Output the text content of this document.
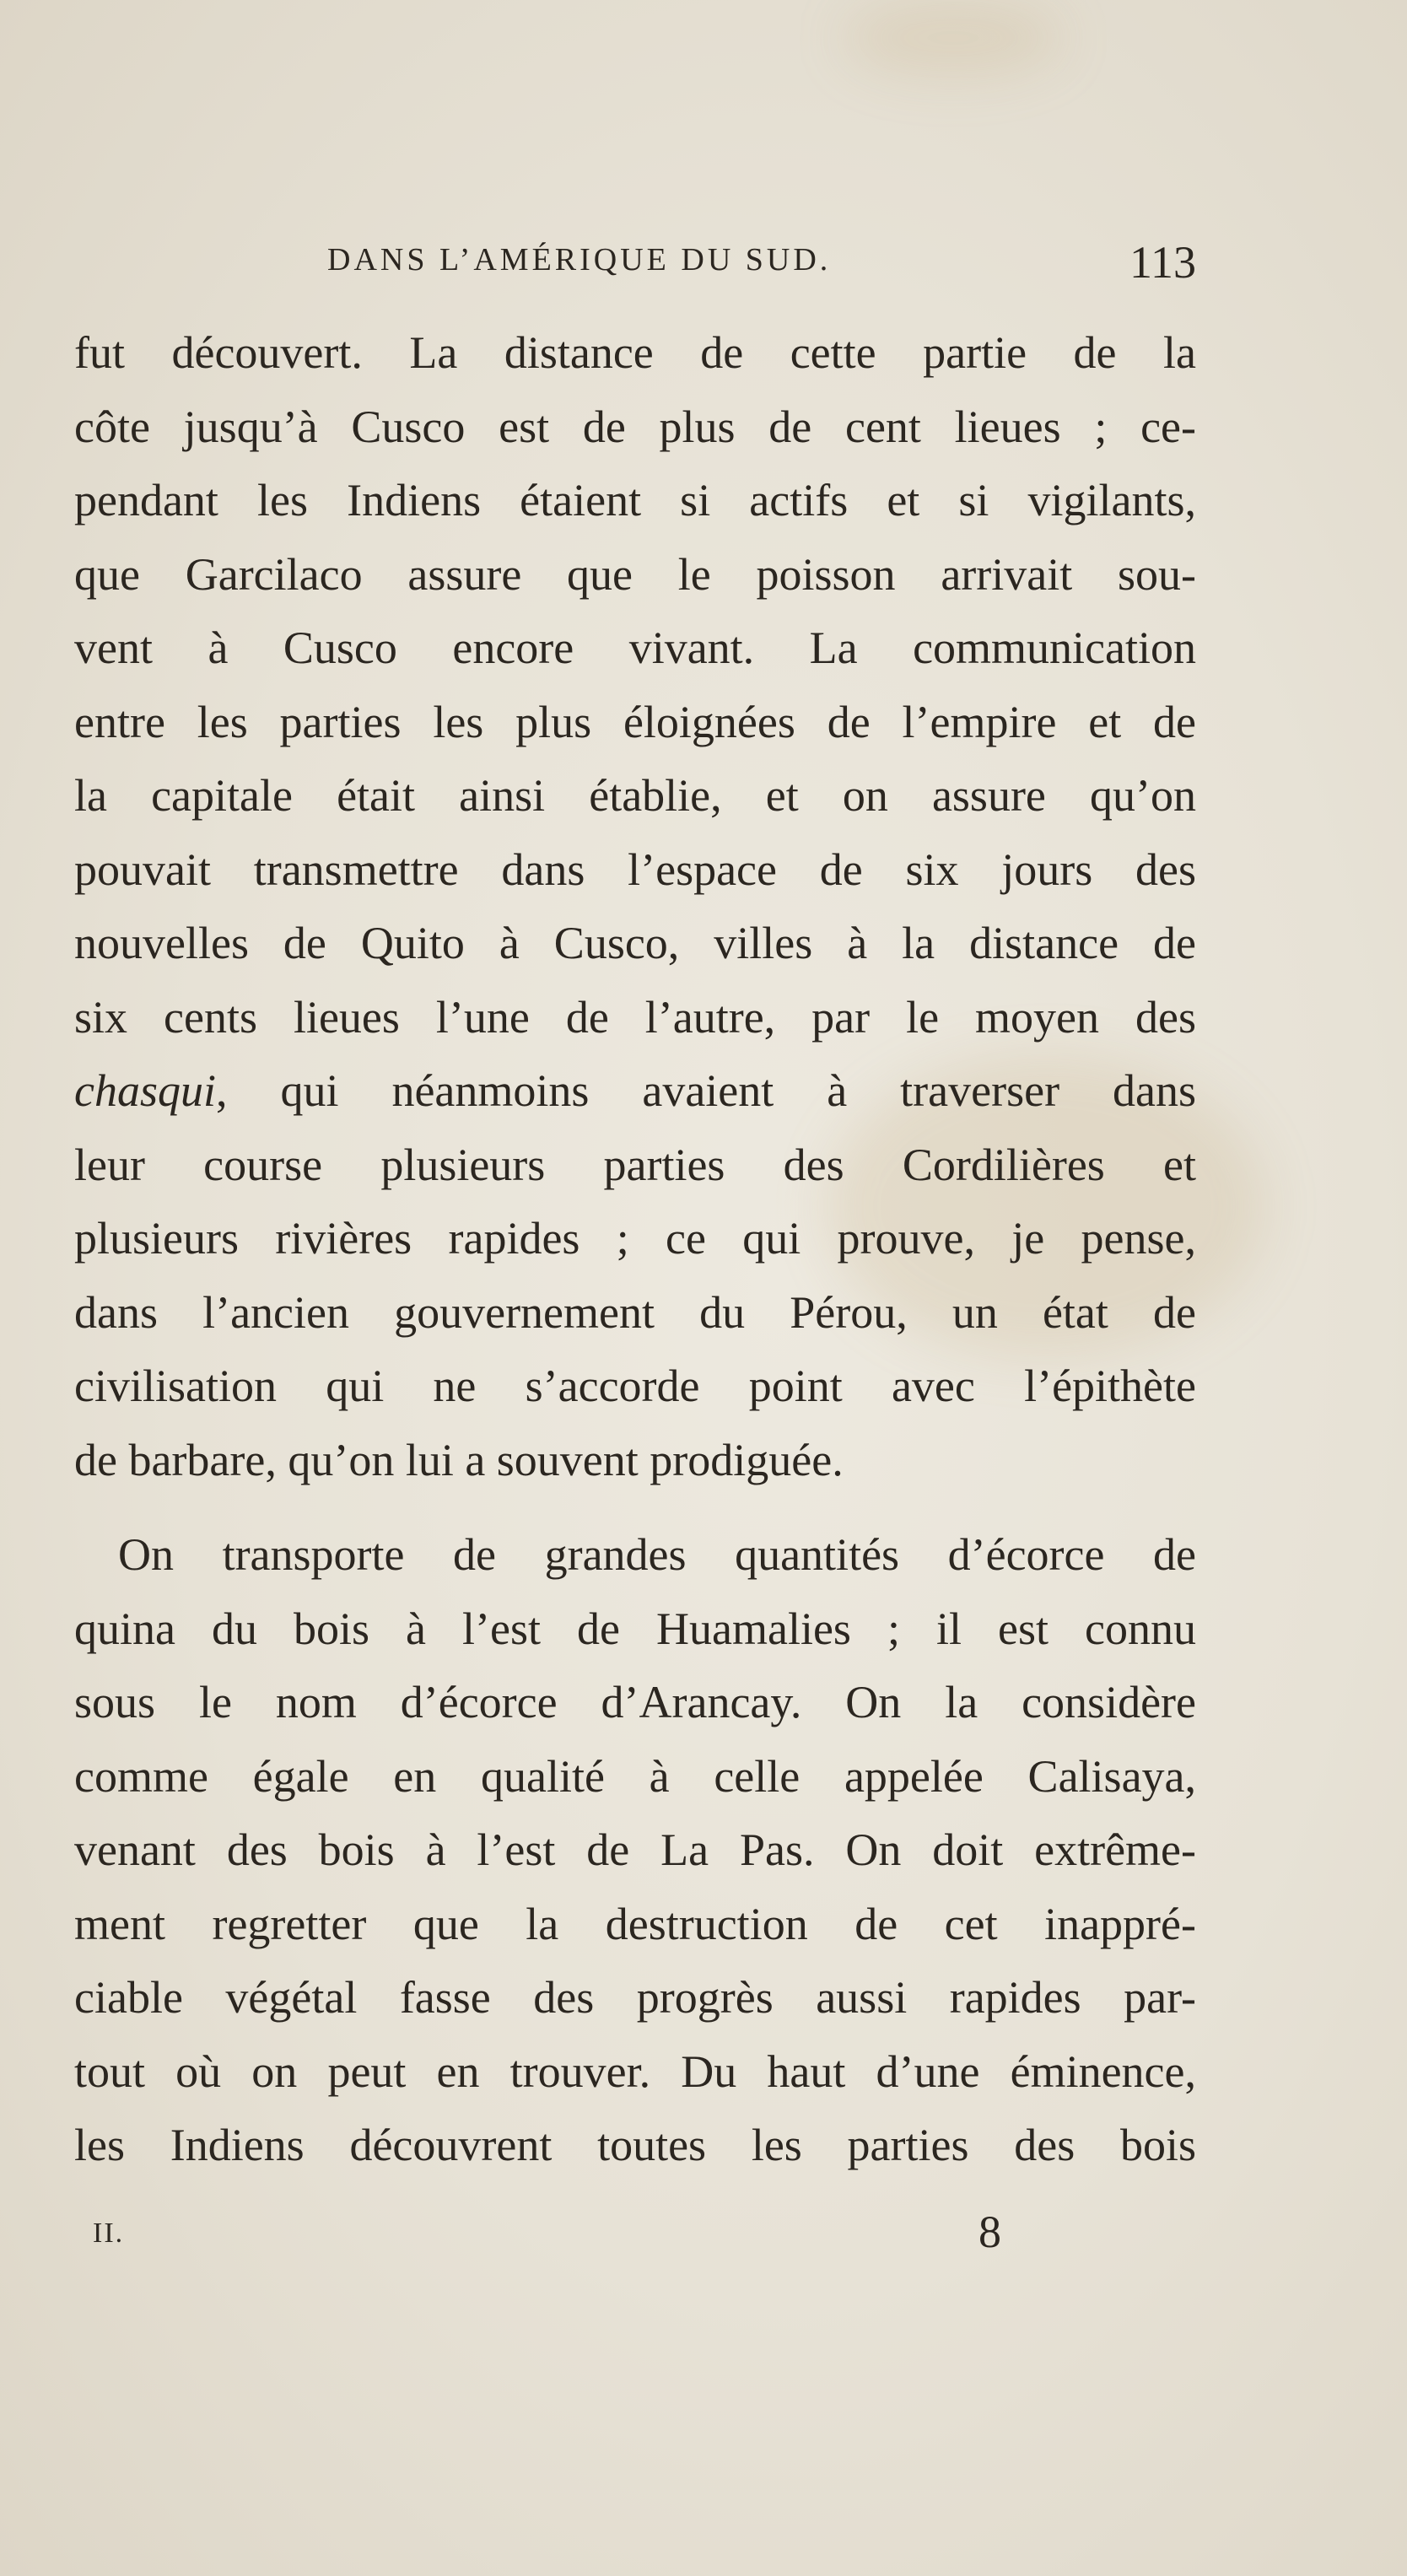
DANS L’AMÉRIQUE DU SUD.	113
fut découvert. La distance de cette partie de la
côte jusqu’à Cusco est de plus de cent lieues ; ce-
pendant les Indiens étaient si actifs et si vigilants,
que Garcilaco assure que le poisson arrivait sou-
vent à Cusco encore vivant. La communication
entre les parties les plus éloignées de l’empire et de
la capitale était ainsi établie, et on assure qu’on
pouvait transmettre dans l’espace de six jours des
nouvelles de Quito à Cusco, villes à la distance de
six cents lieues l’une de l’autre, par le moyen des
chasqui, qui néanmoins avaient à traverser dans
leur course plusieurs parties des Cordilières et
plusieurs rivières rapides ; ce qui prouve, je pense,
dans l’ancien gouvernement du Pérou, un état de
civilisation qui ne s’accorde point avec l’épithète
de barbare, qu’on lui a souvent prodiguée.
On transporte de grandes quantités d’écorce de
quina du bois à l’est de Huamalies ; il est connu
sous le nom d’écorce d’Arancay. On la considère
comme égale en qualité à celle appelée Calisaya,
venant des bois à l’est de La Pas. On doit extrême-
ment regretter que la destruction de cet inappré-
ciable végétal fasse des progrès aussi rapides par-
tout où on peut en trouver. Du haut d’une éminence,
les Indiens découvrent toutes les parties des bois
II.	8
